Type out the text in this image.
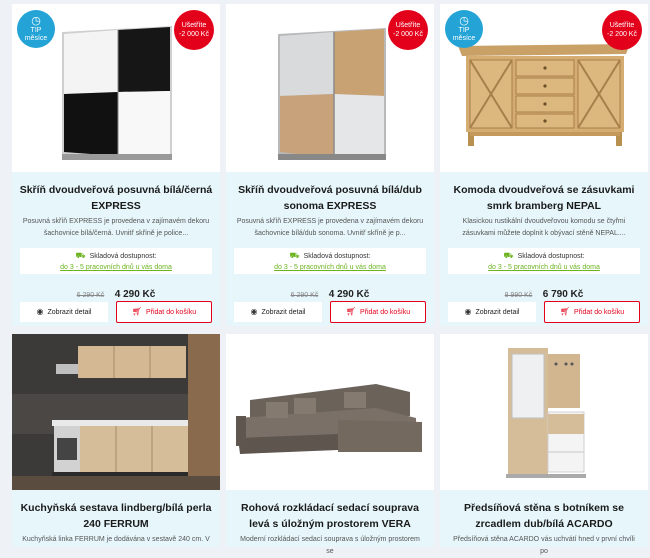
◷
TIP
měsíce
Ušetříte
-2 000 Kč
Skříň dvoudveřová posuvná bílá/černá EXPRESS
Posuvná skříň EXPRESS je provedena v zajímavém dekoru šachovnice bílá/černá. Uvnitř skříně je police...
⛟ Skladová dostupnost:
do 3 - 5 pracovních dnů u vás doma
6 290 Kč 4 290 Kč
◉ Zobrazit detail	🛒︎ Přidat do košíku
Ušetříte
-2 000 Kč
Skříň dvoudveřová posuvná bílá/dub sonoma EXPRESS
Posuvná skříň EXPRESS je provedena v zajímavém dekoru šachovnice bílá/dub sonoma. Uvnitř skříně je p...
⛟ Skladová dostupnost:
do 3 - 5 pracovních dnů u vás doma
6 290 Kč 4 290 Kč
◉ Zobrazit detail	🛒︎ Přidat do košíku
◷
TIP
měsíce
Ušetříte
-2 200 Kč
Komoda dvoudveřová se zásuvkami smrk bramberg NEPAL
Klasickou rustikální dvoudveřovou komodu se čtyřmi zásuvkami můžete doplnit k obývací stěně NEPAL....
⛟ Skladová dostupnost:
do 3 - 5 pracovních dnů u vás doma
8 990 Kč 6 790 Kč
◉ Zobrazit detail	🛒︎ Přidat do košíku
Kuchyňská sestava lindberg/bílá perla 240 FERRUM
Kuchyňská linka FERRUM je dodávána v sestavě 240 cm. V
Rohová rozkládací sedací souprava levá s úložným prostorem VERA
Moderní rozkládací sedací souprava s úložným prostorem se
Předsíňová stěna s botníkem se zrcadlem dub/bílá ACARDO
Předsíňová stěna ACARDO vás uchvátí hned v první chvíli po
